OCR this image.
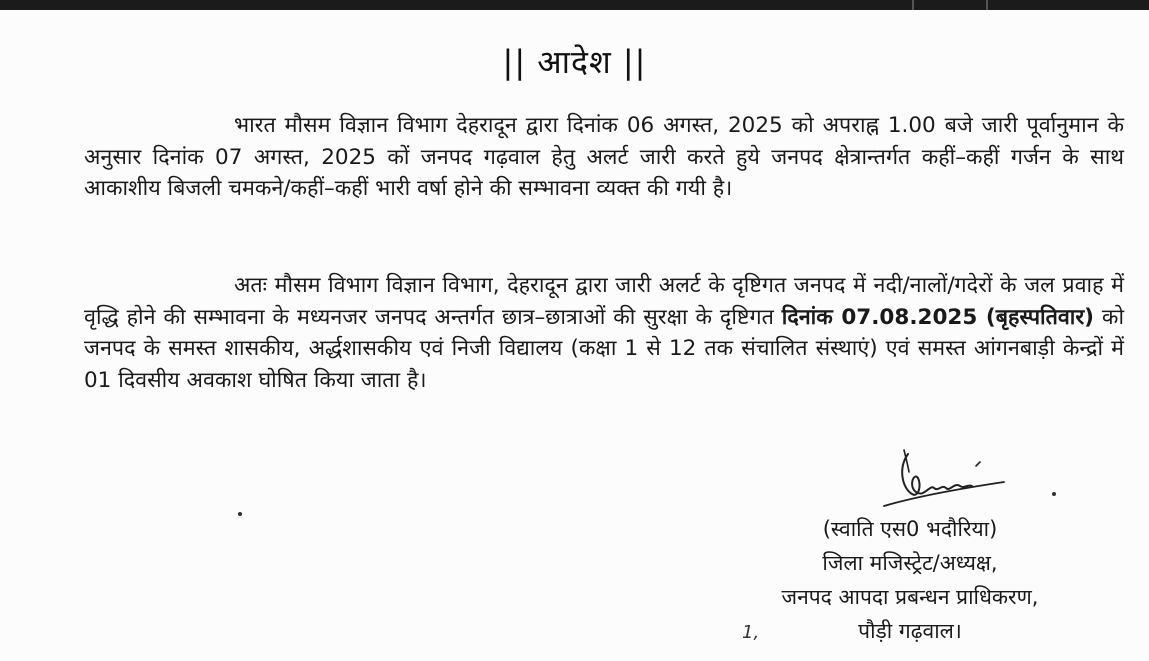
|| आदेश ||
भारत मौसम विज्ञान विभाग देहरादून द्वारा दिनांक 06 अगस्त, 2025 को अपराह्न 1.00 बजे जारी पूर्वानुमान के अनुसार दिनांक 07 अगस्त, 2025 कों जनपद गढ़वाल हेतु अलर्ट जारी करते हुये जनपद क्षेत्रान्तर्गत कहीं–कहीं गर्जन के साथ आकाशीय बिजली चमकने/कहीं–कहीं भारी वर्षा होने की सम्भावना व्यक्त की गयी है।
अतः मौसम विभाग विज्ञान विभाग, देहरादून द्वारा जारी अलर्ट के दृष्टिगत जनपद में नदी/नालों/गदेरों के जल प्रवाह में वृद्धि होने की सम्भावना के मध्यनजर जनपद अन्तर्गत छात्र–छात्राओं की सुरक्षा के दृष्टिगत दिनांक 07.08.2025 (बृहस्पतिवार) को जनपद के समस्त शासकीय, अर्द्धशासकीय एवं निजी विद्यालय (कक्षा 1 से 12 तक संचालित संस्थाएं) एवं समस्त आंगनबाड़ी केन्द्रों में 01 दिवसीय अवकाश घोषित किया जाता है।
(स्वाति एस0 भदौरिया)
जिला मजिस्ट्रेट/अध्यक्ष,
जनपद आपदा प्रबन्धन प्राधिकरण,
पौड़ी गढ़वाल।
1,
